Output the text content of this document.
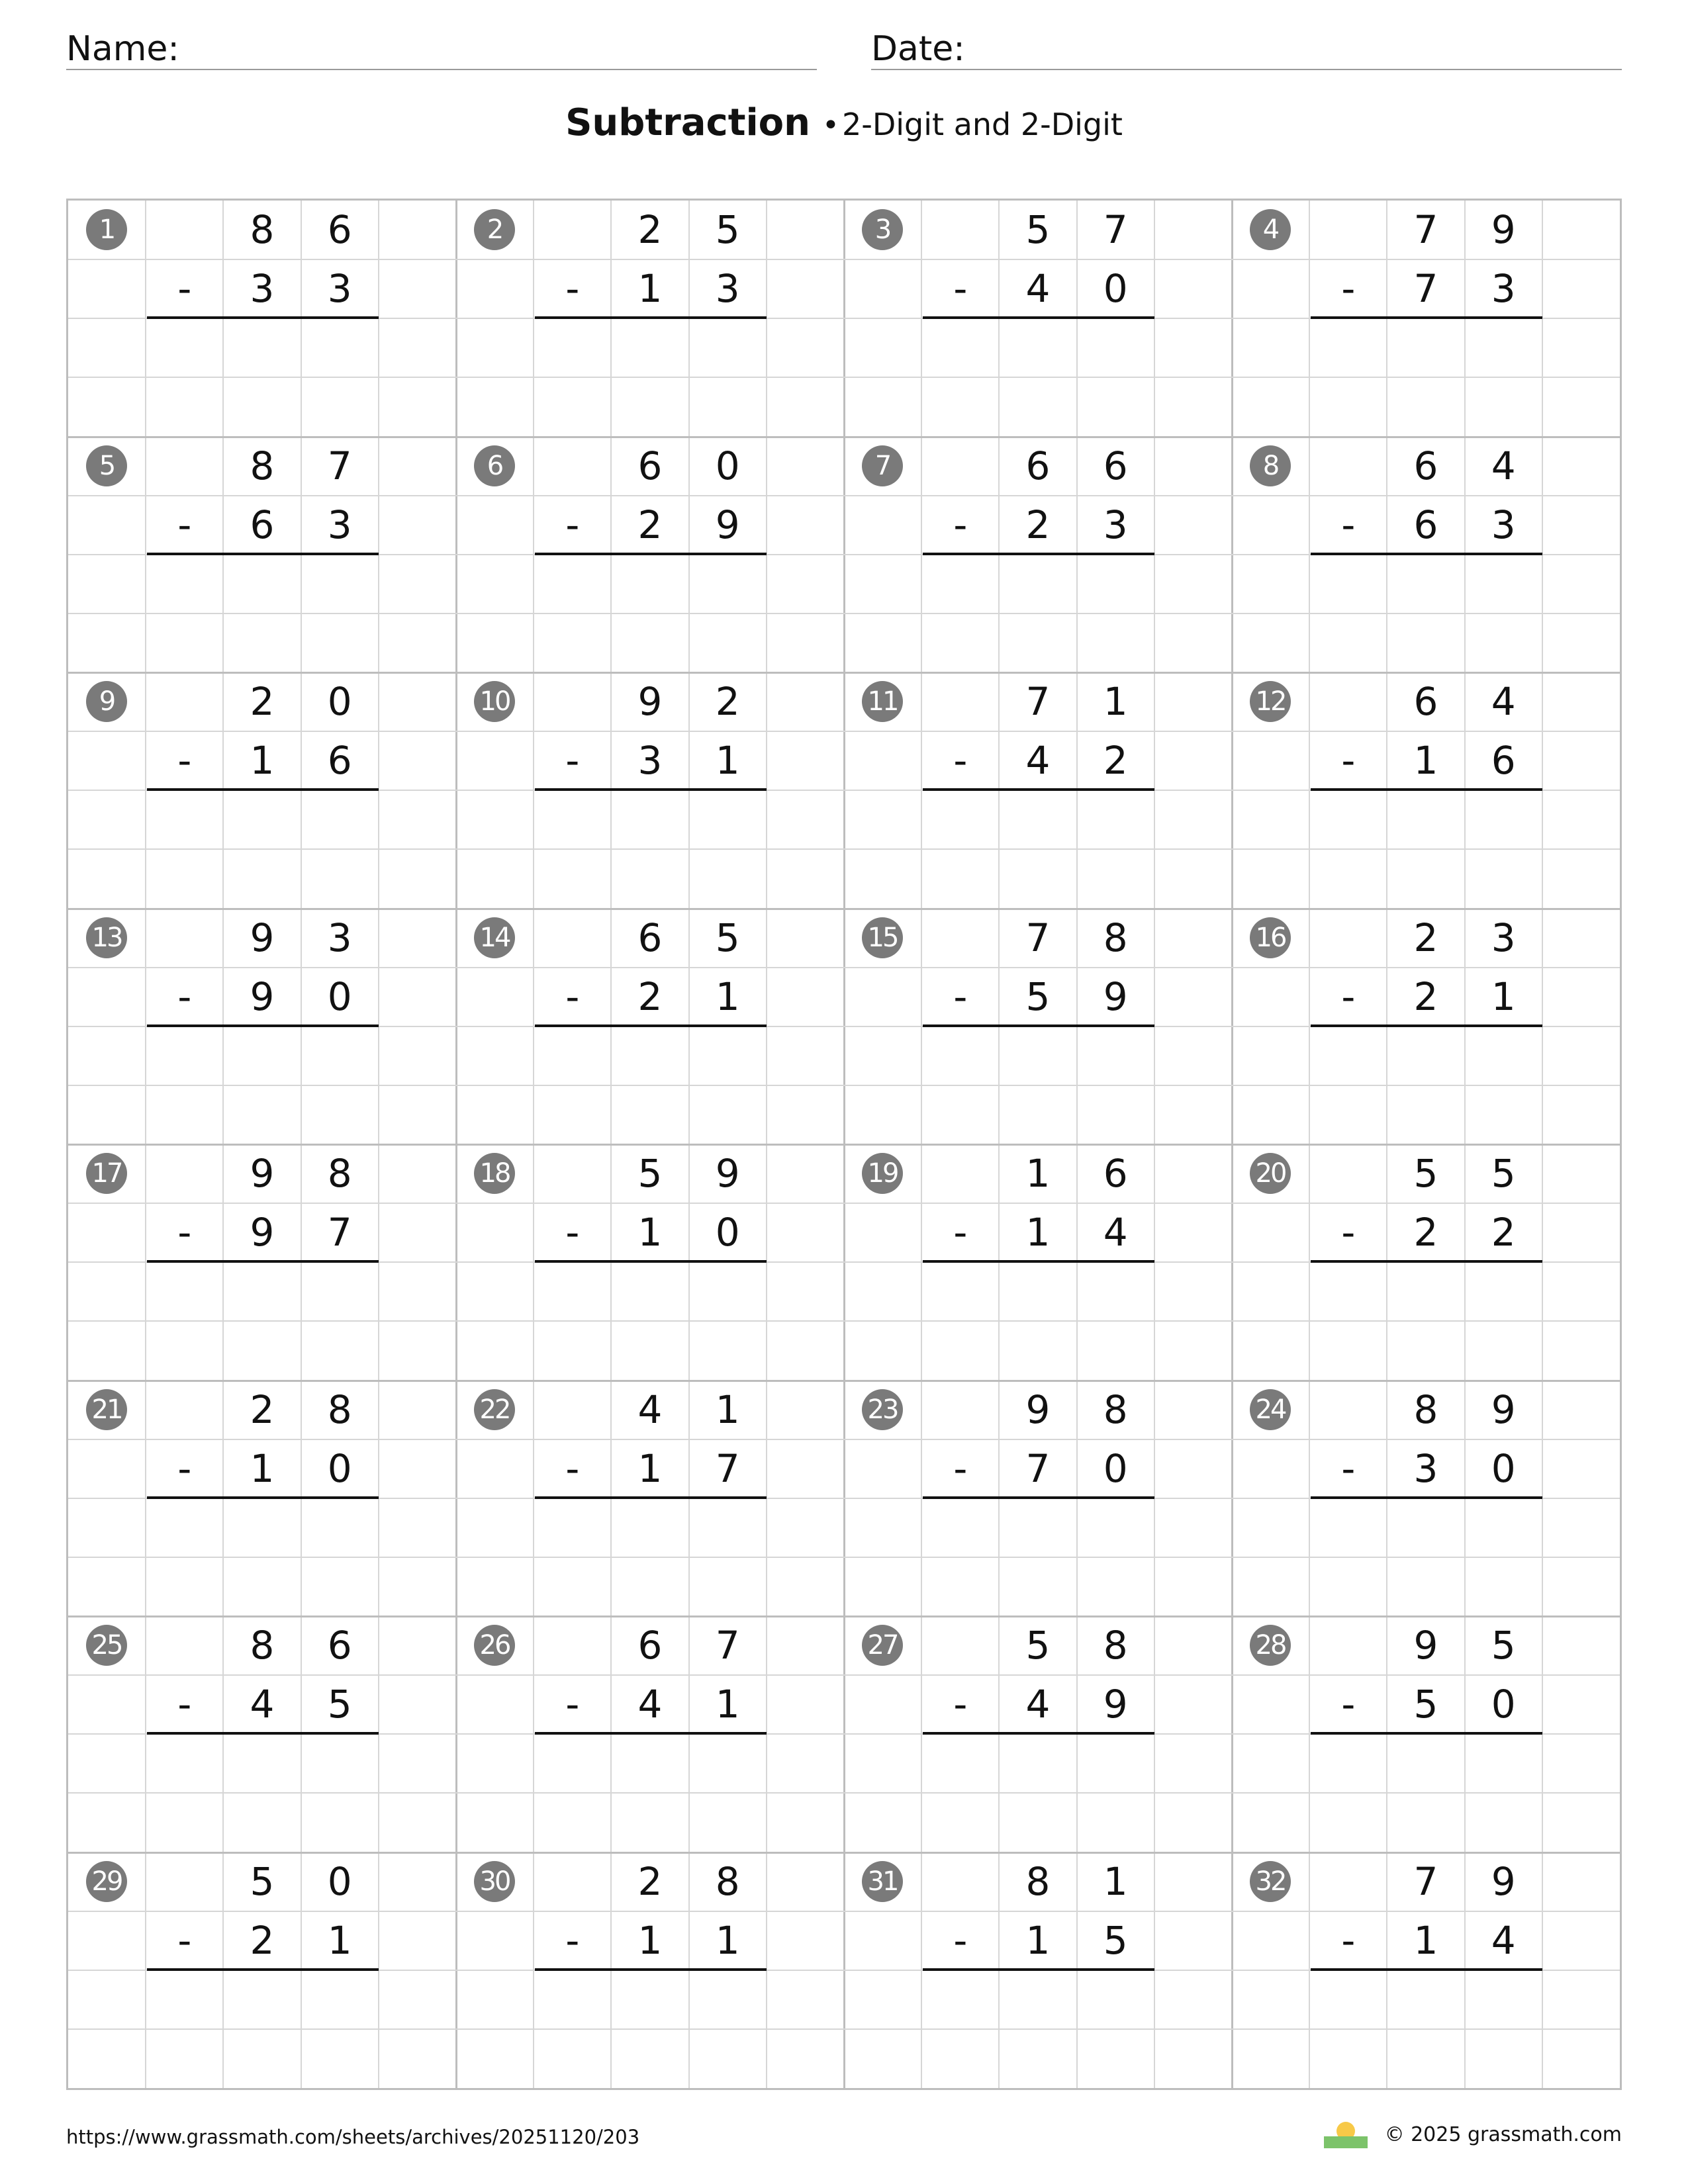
Name:	Date:
Subtraction •2-Digit and 2-Digit
1	8	6
-	3	3
2	2	5
-	1	3
3	5	7
-	4	0
4	7	9
-	7	3
5	8	7
-	6	3
6	6	0
-	2	9
7	6	6
-	2	3
8	6	4
-	6	3
9	2	0
-	1	6
10	9	2
-	3	1
11	7	1
-	4	2
12	6	4
-	1	6
13	9	3
-	9	0
14	6	5
-	2	1
15	7	8
-	5	9
16	2	3
-	2	1
17	9	8
-	9	7
18	5	9
-	1	0
19	1	6
-	1	4
20	5	5
-	2	2
21	2	8
-	1	0
22	4	1
-	1	7
23	9	8
-	7	0
24	8	9
-	3	0
25	8	6
-	4	5
26	6	7
-	4	1
27	5	8
-	4	9
28	9	5
-	5	0
29	5	0
-	2	1
30	2	8
-	1	1
31	8	1
-	1	5
32	7	9
-	1	4
https://www.grassmath.com/sheets/archives/20251120/203	© 2025 grassmath.com
